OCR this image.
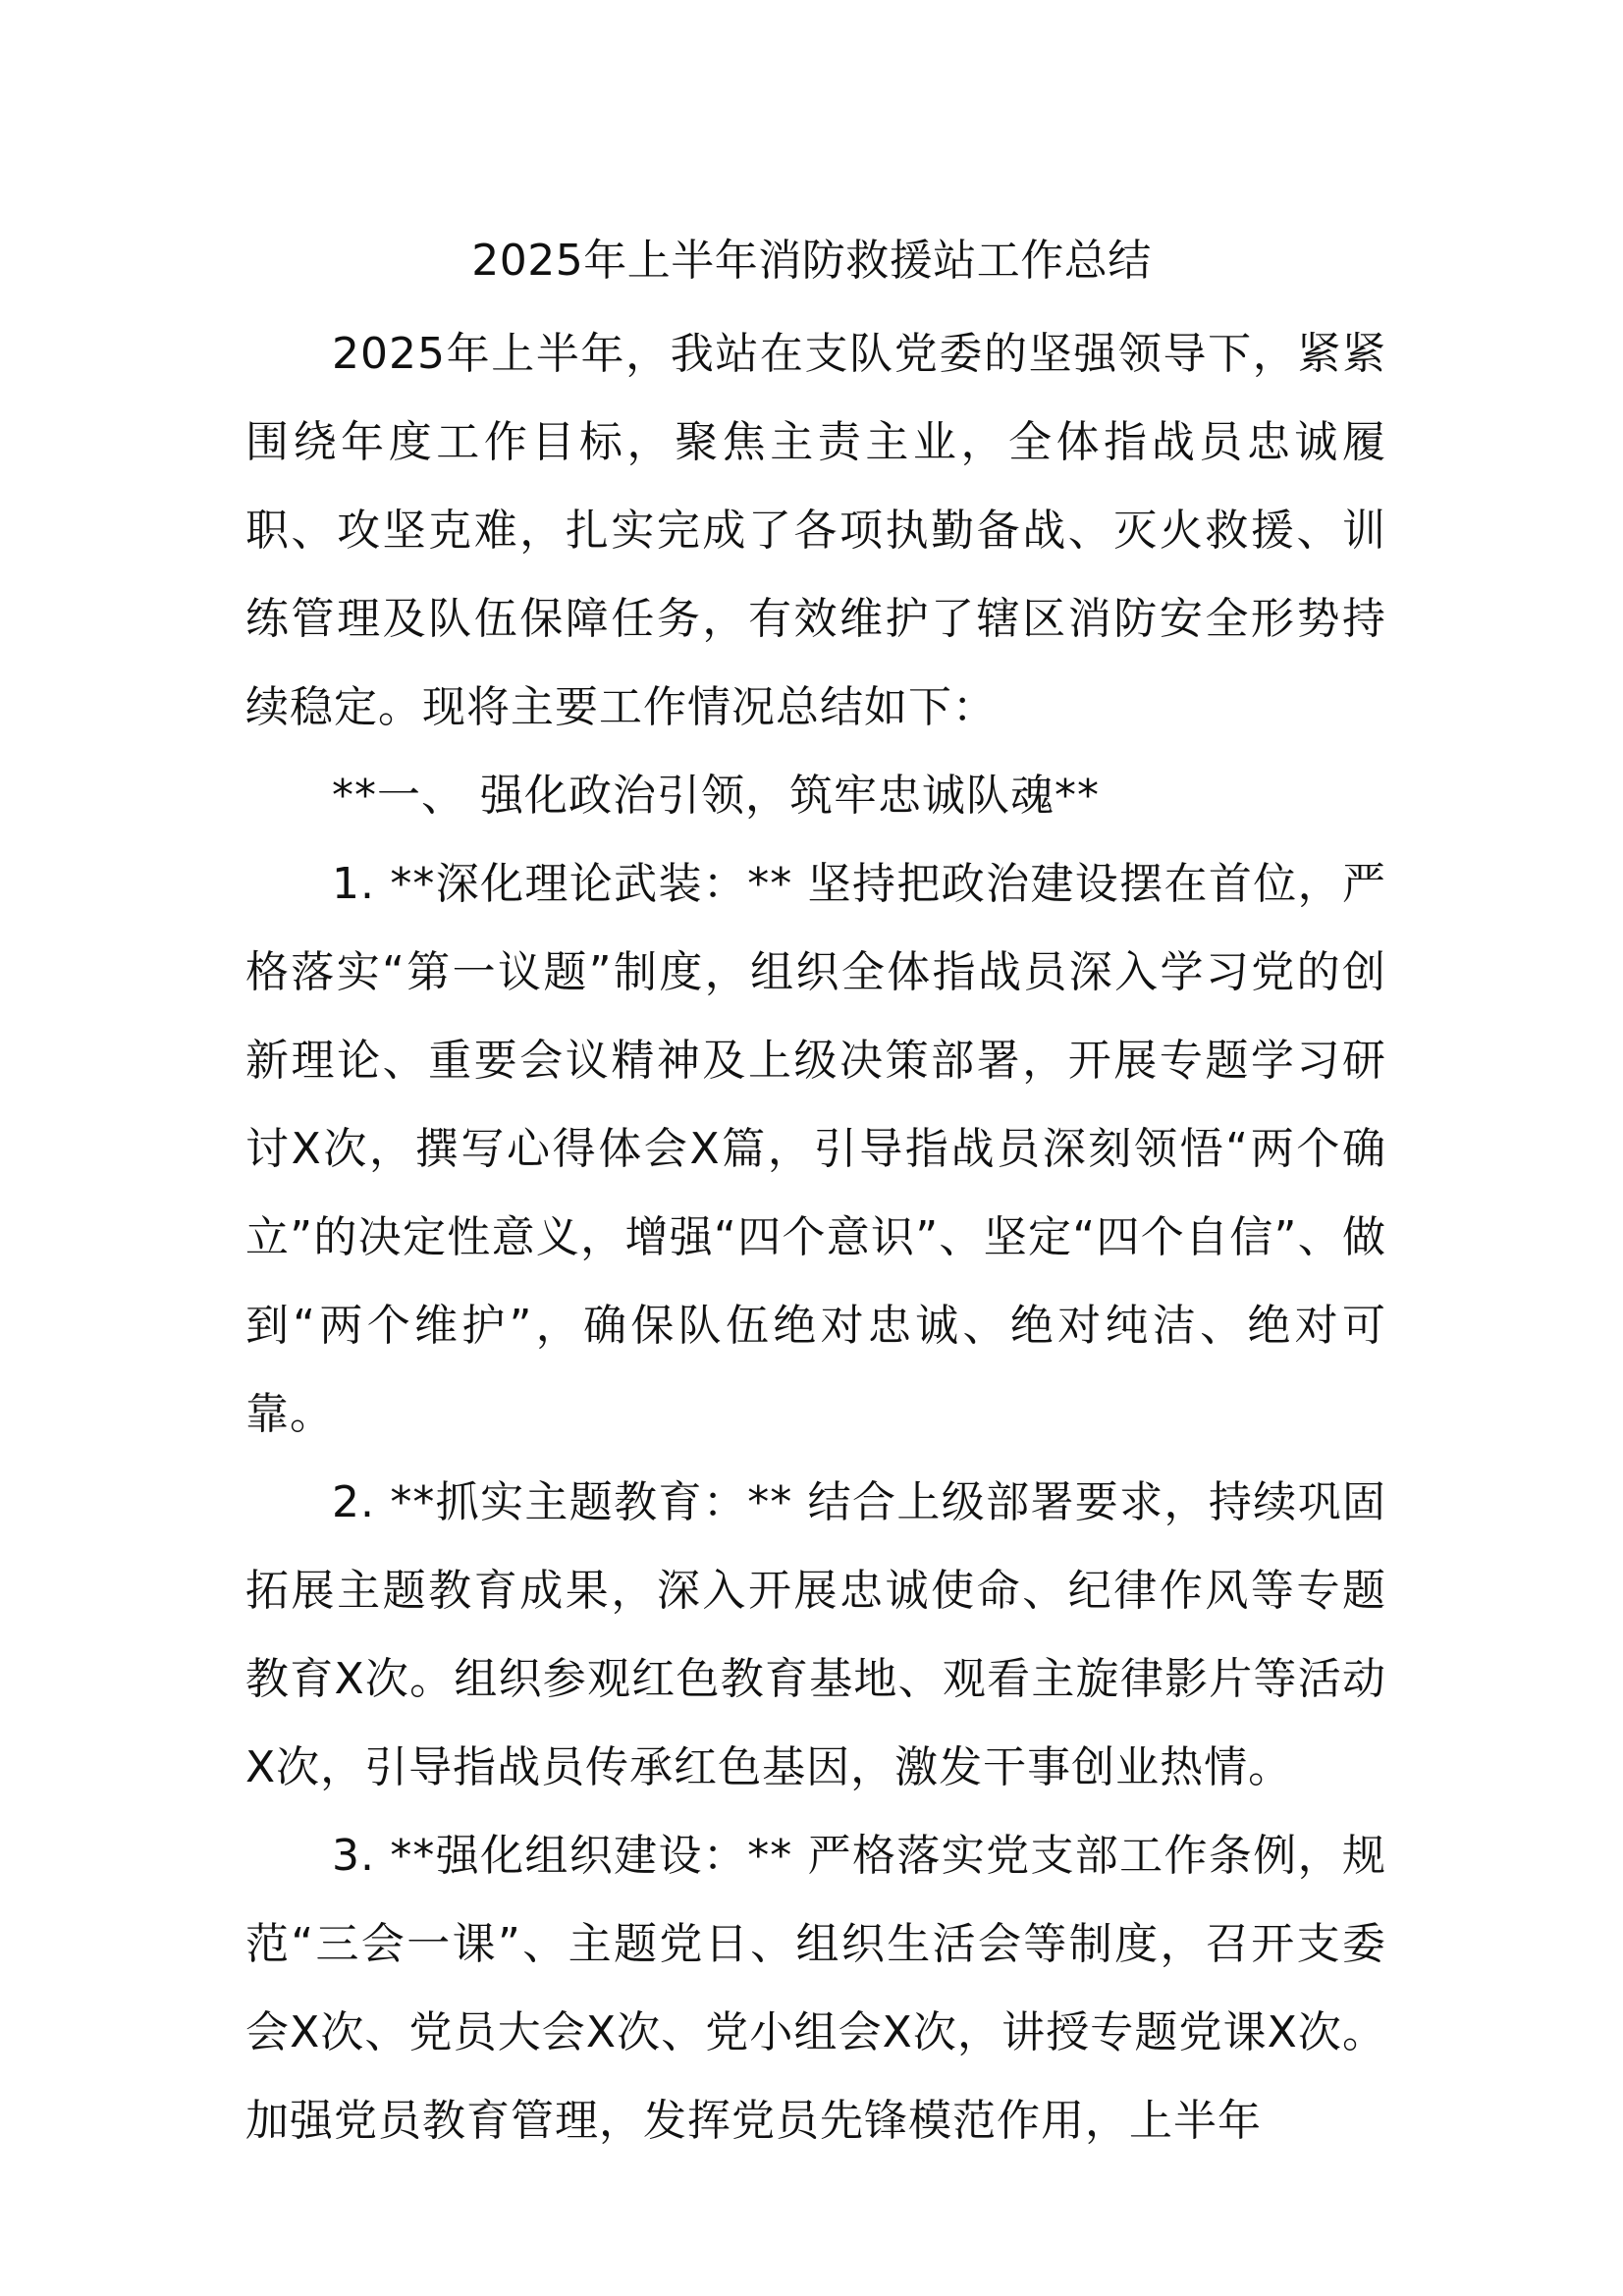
2025年上半年消防救援站工作总结

2025年上半年，我站在支队党委的坚强领导下，紧紧围绕年度工作目标，聚焦主责主业，全体指战员忠诚履职、攻坚克难，扎实完成了各项执勤备战、灭火救援、训练管理及队伍保障任务，有效维护了辖区消防安全形势持续稳定。现将主要工作情况总结如下：

**一、 强化政治引领，筑牢忠诚队魂**

1. **深化理论武装：** 坚持把政治建设摆在首位，严格落实“第一议题”制度，组织全体指战员深入学习党的创新理论、重要会议精神及上级决策部署，开展专题学习研讨X次，撰写心得体会X篇，引导指战员深刻领悟“两个确立”的决定性意义，增强“四个意识”、坚定“四个自信”、做到“两个维护”，确保队伍绝对忠诚、绝对纯洁、绝对可靠。

2. **抓实主题教育：** 结合上级部署要求，持续巩固拓展主题教育成果，深入开展忠诚使命、纪律作风等专题教育X次。组织参观红色教育基地、观看主旋律影片等活动X次，引导指战员传承红色基因，激发干事创业热情。

3. **强化组织建设：** 严格落实党支部工作条例，规范“三会一课”、主题党日、组织生活会等制度，召开支委会X次、党员大会X次、党小组会X次，讲授专题党课X次。加强党员教育管理，发挥党员先锋模范作用，上半年
